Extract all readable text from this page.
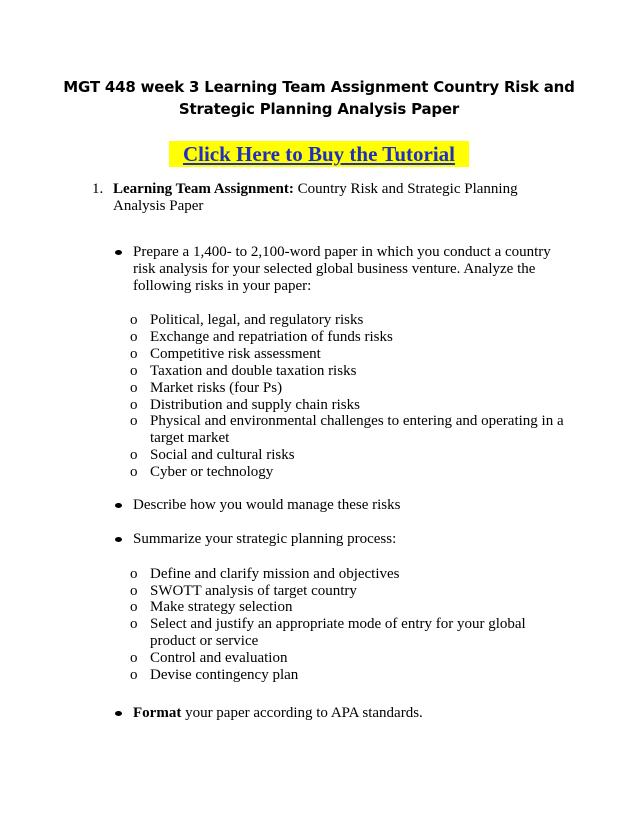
MGT 448 week 3 Learning Team Assignment Country Risk and
Strategic Planning Analysis Paper
Click Here to Buy the Tutorial
1. Learning Team Assignment: Country Risk and Strategic Planning
Analysis Paper
Prepare a 1,400- to 2,100-word paper in which you conduct a country
risk analysis for your selected global business venture. Analyze the
following risks in your paper:
o Political, legal, and regulatory risks
o Exchange and repatriation of funds risks
o Competitive risk assessment
o Taxation and double taxation risks
o Market risks (four Ps)
o Distribution and supply chain risks
o Physical and environmental challenges to entering and operating in a
target market
o Social and cultural risks
o Cyber or technology
Describe how you would manage these risks
Summarize your strategic planning process:
o Define and clarify mission and objectives
o SWOTT analysis of target country
o Make strategy selection
o Select and justify an appropriate mode of entry for your global
product or service
o Control and evaluation
o Devise contingency plan
Format your paper according to APA standards.
